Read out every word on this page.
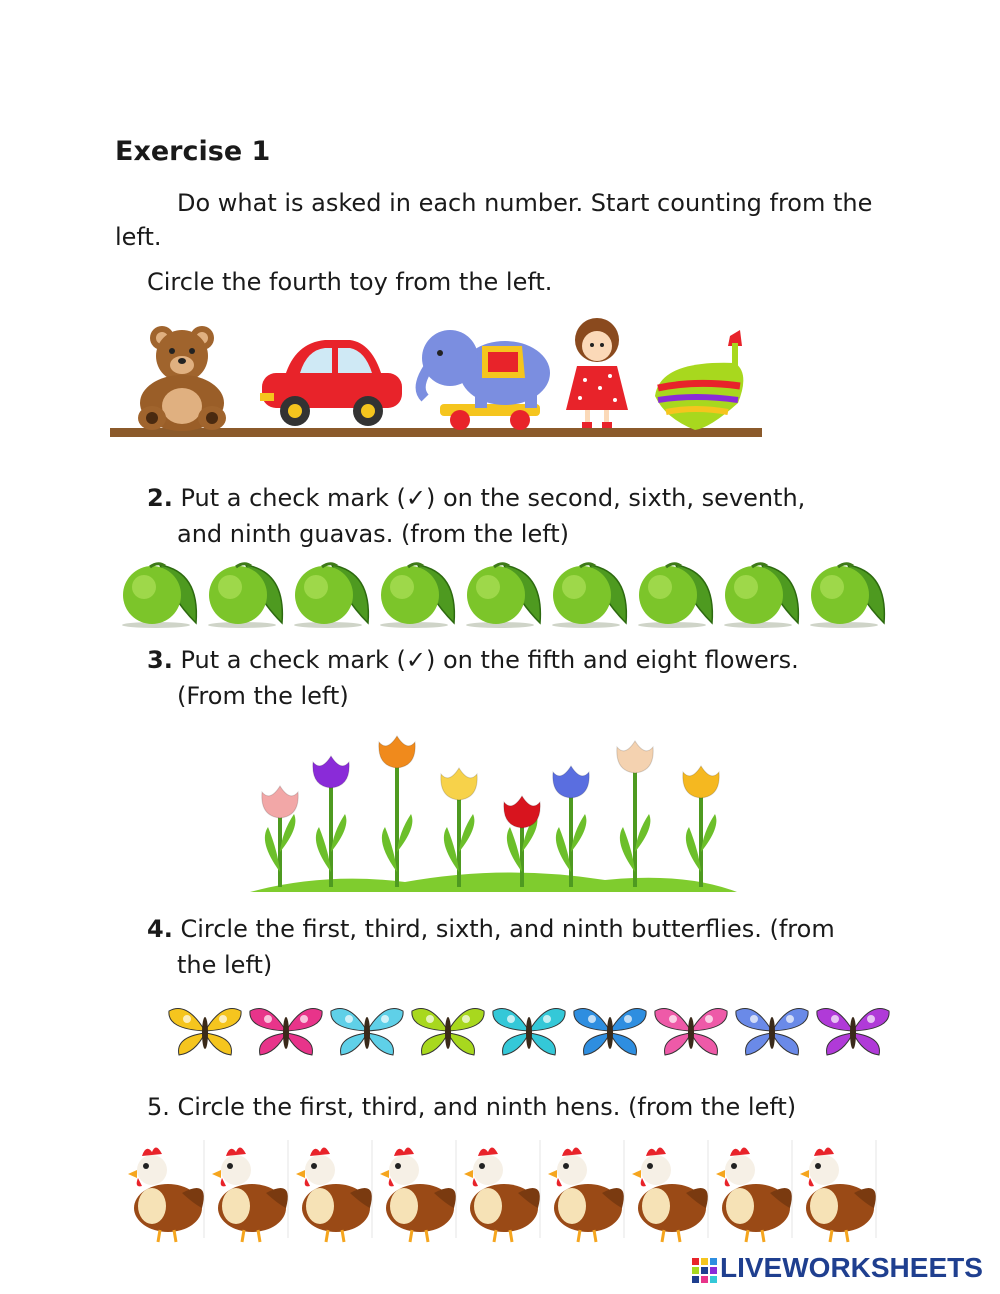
Exercise 1
Do what is asked in each number. Start counting from the left.
Circle the fourth toy from the left.
2. Put a check mark (✓) on the second, sixth, seventh,
and ninth guavas. (from the left)
3. Put a check mark (✓) on the fifth and eight flowers.
(From the left)
4. Circle the first, third, sixth, and ninth butterflies. (from
the left)
5. Circle the first, third, and ninth hens. (from the left)
LIVEWORKSHEETS
